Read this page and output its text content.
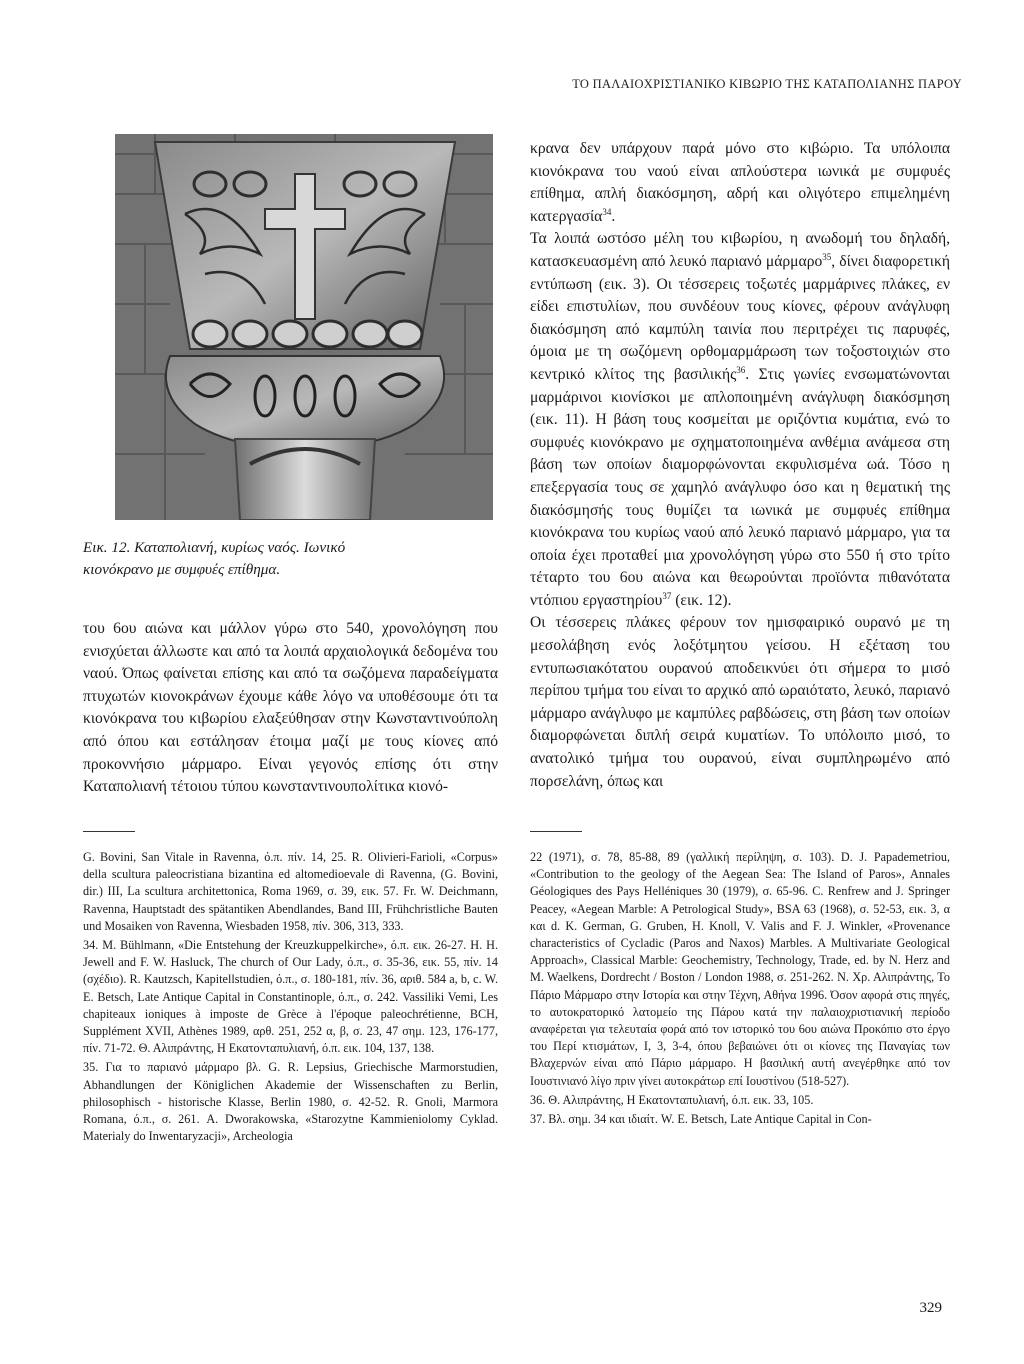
ΤΟ ΠΑΛΑΙΟΧΡΙΣΤΙΑΝΙΚΟ ΚΙΒΩΡΙΟ ΤΗΣ ΚΑΤΑΠΟΛΙΑΝΗΣ ΠΑΡΟΥ
Εικ. 12. Καταπολιανή, κυρίως ναός. Ιωνικό κιονόκρανο με συμφυές επίθημα.

του 6ου αιώνα και μάλλον γύρω στο 540, χρονολόγηση που ενισχύεται άλλωστε και από τα λοιπά αρχαιολογικά δεδομένα του ναού. Όπως φαίνεται επίσης και από τα σωζόμενα παραδείγματα πτυχωτών κιονοκράνων έχουμε κάθε λόγο να υποθέσουμε ότι τα κιονόκρανα του κιβωρίου ελαξεύθησαν στην Κωνσταντινούπολη από όπου και εστάλησαν έτοιμα μαζί με τους κίονες από προκοννήσιο μάρμαρο. Είναι γεγονός επίσης ότι στην Καταπολιανή τέτοιου τύπου κωνσταντινουπολίτικα κιονό-

κρανα δεν υπάρχουν παρά μόνο στο κιβώριο. Τα υπόλοιπα κιονόκρανα του ναού είναι απλούστερα ιωνικά με συμφυές επίθημα, απλή διακόσμηση, αδρή και ολιγότερο επιμελημένη κατεργασία$^{34}$.

Τα λοιπά ωστόσο μέλη του κιβωρίου, η ανωδομή του δηλαδή, κατασκευασμένη από λευκό παριανό μάρμαρο$^{35}$, δίνει διαφορετική εντύπωση (εικ. 3). Οι τέσσερεις τοξωτές μαρμάρινες πλάκες, εν είδει επιστυλίων, που συνδέουν τους κίονες, φέρουν ανάγλυφη διακόσμηση από καμπύλη ταινία που περιτρέχει τις παρυφές, όμοια με τη σωζόμενη ορθομαρμάρωση των τοξοστοιχιών στο κεντρικό κλίτος της βασιλικής$^{36}$. Στις γωνίες ενσωματώνονται μαρμάρινοι κιονίσκοι με απλοποιημένη ανάγλυφη διακόσμηση (εικ. 11). Η βάση τους κοσμείται με οριζόντια κυμάτια, ενώ το συμφυές κιονόκρανο με σχηματοποιημένα ανθέμια ανάμεσα στη βάση των οποίων διαμορφώνονται εκφυλισμένα ωά. Τόσο η επεξεργασία τους σε χαμηλό ανάγλυφο όσο και η θεματική της διακόσμησής τους θυμίζει τα ιωνικά με συμφυές επίθημα κιονόκρανα του κυρίως ναού από λευκό παριανό μάρμαρο, για τα οποία έχει προταθεί μια χρονολόγηση γύρω στο 550 ή στο τρίτο τέταρτο του 6ου αιώνα και θεωρούνται προϊόντα πιθανότατα ντόπιου εργαστηρίου$^{37}$ (εικ. 12).

Οι τέσσερεις πλάκες φέρουν τον ημισφαιρικό ουρανό με τη μεσολάβηση ενός λοξότμητου γείσου. Η εξέταση του εντυπωσιακότατου ουρανού αποδεικνύει ότι σήμερα το μισό περίπου τμήμα του είναι το αρχικό από ωραιότατο, λευκό, παριανό μάρμαρο ανάγλυφο με καμπύλες ραβδώσεις, στη βάση των οποίων διαμορφώνεται διπλή σειρά κυματίων. Το υπόλοιπο μισό, το ανατολικό τμήμα του ουρανού, είναι συμπληρωμένο από πορσελάνη, όπως και

G. Bovini, San Vitale in Ravenna, ό.π. πίν. 14, 25. R. Olivieri-Farioli, «Corpus» della scultura paleocristiana bizantina ed altomedioevale di Ravenna, (G. Bovini, dir.) III, La scultura architettonica, Roma 1969, σ. 39, εικ. 57. Fr. W. Deichmann, Ravenna, Hauptstadt des spätantiken Abendlandes, Band III, Frühchristliche Bauten und Mosaiken von Ravenna, Wiesbaden 1958, πίν. 306, 313, 333.

34. M. Bühlmann, «Die Entstehung der Kreuzkuppelkirche», ό.π. εικ. 26-27. H. H. Jewell and F. W. Hasluck, The church of Our Lady, ό.π., σ. 35-36, εικ. 55, πίν. 14 (σχέδιο). R. Kautzsch, Kapitellstudien, ό.π., σ. 180-181, πίν. 36, αριθ. 584 a, b, c. W. E. Betsch, Late Antique Capital in Constantinople, ό.π., σ. 242. Vassiliki Vemi, Les chapiteaux ioniques à imposte de Grèce à l'époque paleochrétienne, BCH, Supplément XVII, Athènes 1989, αρθ. 251, 252 α, β, σ. 23, 47 σημ. 123, 176-177, πίν. 71-72. Θ. Αλιπράντης, Η Εκατονταπυλιανή, ό.π. εικ. 104, 137, 138.

35. Για το παριανό μάρμαρο βλ. G. R. Lepsius, Griechische Marmorstudien, Abhandlungen der Königlichen Akademie der Wissenschaften zu Berlin, philosophisch - historische Klasse, Berlin 1980, σ. 42-52. R. Gnoli, Marmora Romana, ό.π., σ. 261. A. Dworakowska, «Starozytne Kammieniolomy Cyklad. Materialy do Inwentaryzacji», Archeologia

22 (1971), σ. 78, 85-88, 89 (γαλλική περίληψη, σ. 103). D. J. Papademetriou, «Contribution to the geology of the Aegean Sea: The Island of Paros», Annales Géologiques des Pays Helléniques 30 (1979), σ. 65-96. C. Renfrew and J. Springer Peacey, «Aegean Marble: A Petrological Study», BSA 63 (1968), σ. 52-53, εικ. 3, α και d. K. German, G. Gruben, H. Knoll, V. Valis and F. J. Winkler, «Provenance characteristics of Cycladic (Paros and Naxos) Marbles. A Multivariate Geological Approach», Classical Marble: Geochemistry, Technology, Trade, ed. by N. Herz and M. Waelkens, Dordrecht / Boston / London 1988, σ. 251-262. N. Χρ. Αλιπράντης, Το Πάριο Μάρμαρο στην Ιστορία και στην Τέχνη, Αθήνα 1996. Όσον αφορά στις πηγές, το αυτοκρατορικό λατομείο της Πάρου κατά την παλαιοχριστιανική περίοδο αναφέρεται για τελευταία φορά από τον ιστορικό του 6ου αιώνα Προκόπιο στο έργο του Περί κτισμάτων, I, 3, 3-4, όπου βεβαιώνει ότι οι κίονες της Παναγίας των Βλαχερνών είναι από Πάριο μάρμαρο. Η βασιλική αυτή ανεγέρθηκε από τον Ιουστινιανό λίγο πριν γίνει αυτοκράτωρ επί Ιουστίνου (518-527).

36. Θ. Αλιπράντης, Η Εκατονταπυλιανή, ό.π. εικ. 33, 105.

37. Βλ. σημ. 34 και ιδιαίτ. W. E. Betsch, Late Antique Capital in Con-

329
